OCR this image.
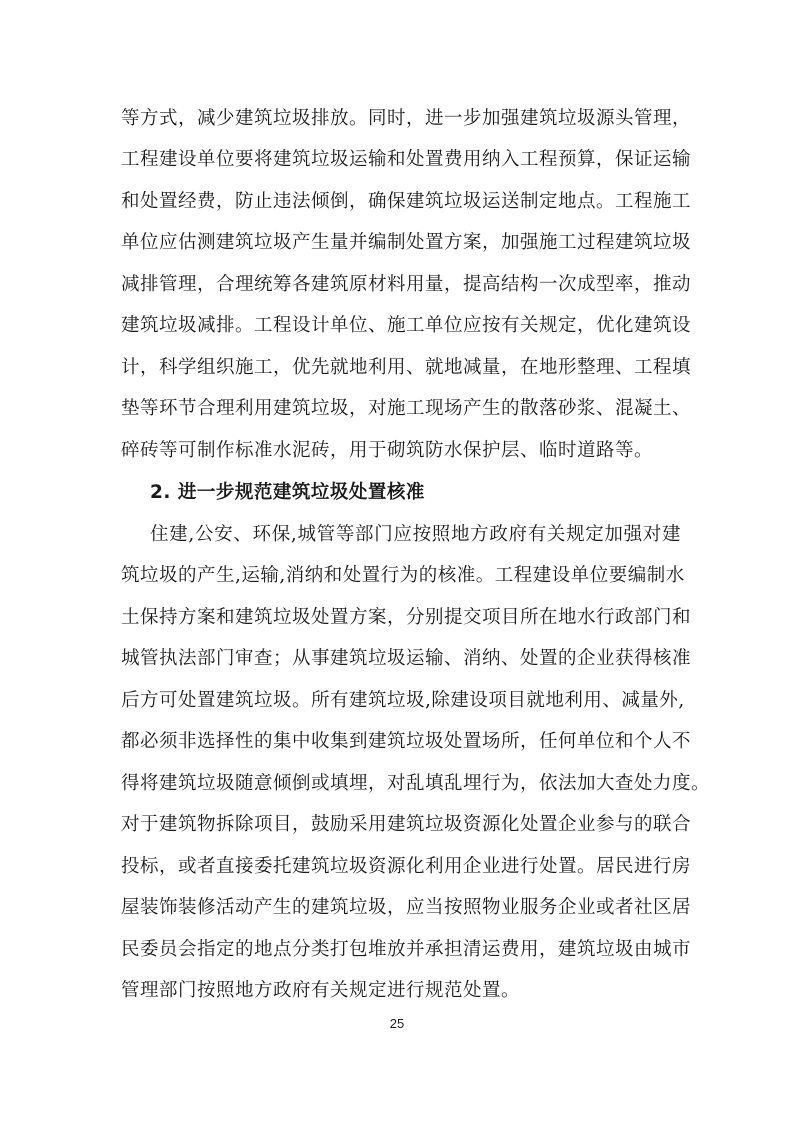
等方式，减少建筑垃圾排放。同时，进一步加强建筑垃圾源头管理，
工程建设单位要将建筑垃圾运输和处置费用纳入工程预算，保证运输
和处置经费，防止违法倾倒，确保建筑垃圾运送制定地点。工程施工
单位应估测建筑垃圾产生量并编制处置方案，加强施工过程建筑垃圾
减排管理，合理统筹各建筑原材料用量，提高结构一次成型率，推动
建筑垃圾减排。工程设计单位、施工单位应按有关规定，优化建筑设
计，科学组织施工，优先就地利用、就地减量，在地形整理、工程填
垫等环节合理利用建筑垃圾，对施工现场产生的散落砂浆、混凝土、
碎砖等可制作标准水泥砖，用于砌筑防水保护层、临时道路等。
2. 进一步规范建筑垃圾处置核准
住建,公安、环保,城管等部门应按照地方政府有关规定加强对建
筑垃圾的产生,运输,消纳和处置行为的核准。工程建设单位要编制水
土保持方案和建筑垃圾处置方案，分别提交项目所在地水行政部门和
城管执法部门审查；从事建筑垃圾运输、消纳、处置的企业获得核准
后方可处置建筑垃圾。所有建筑垃圾,除建设项目就地利用、减量外,
都必须非选择性的集中收集到建筑垃圾处置场所，任何单位和个人不
得将建筑垃圾随意倾倒或填埋，对乱填乱埋行为，依法加大查处力度。
对于建筑物拆除项目，鼓励采用建筑垃圾资源化处置企业参与的联合
投标，或者直接委托建筑垃圾资源化利用企业进行处置。居民进行房
屋装饰装修活动产生的建筑垃圾，应当按照物业服务企业或者社区居
民委员会指定的地点分类打包堆放并承担清运费用，建筑垃圾由城市
管理部门按照地方政府有关规定进行规范处置。
25
